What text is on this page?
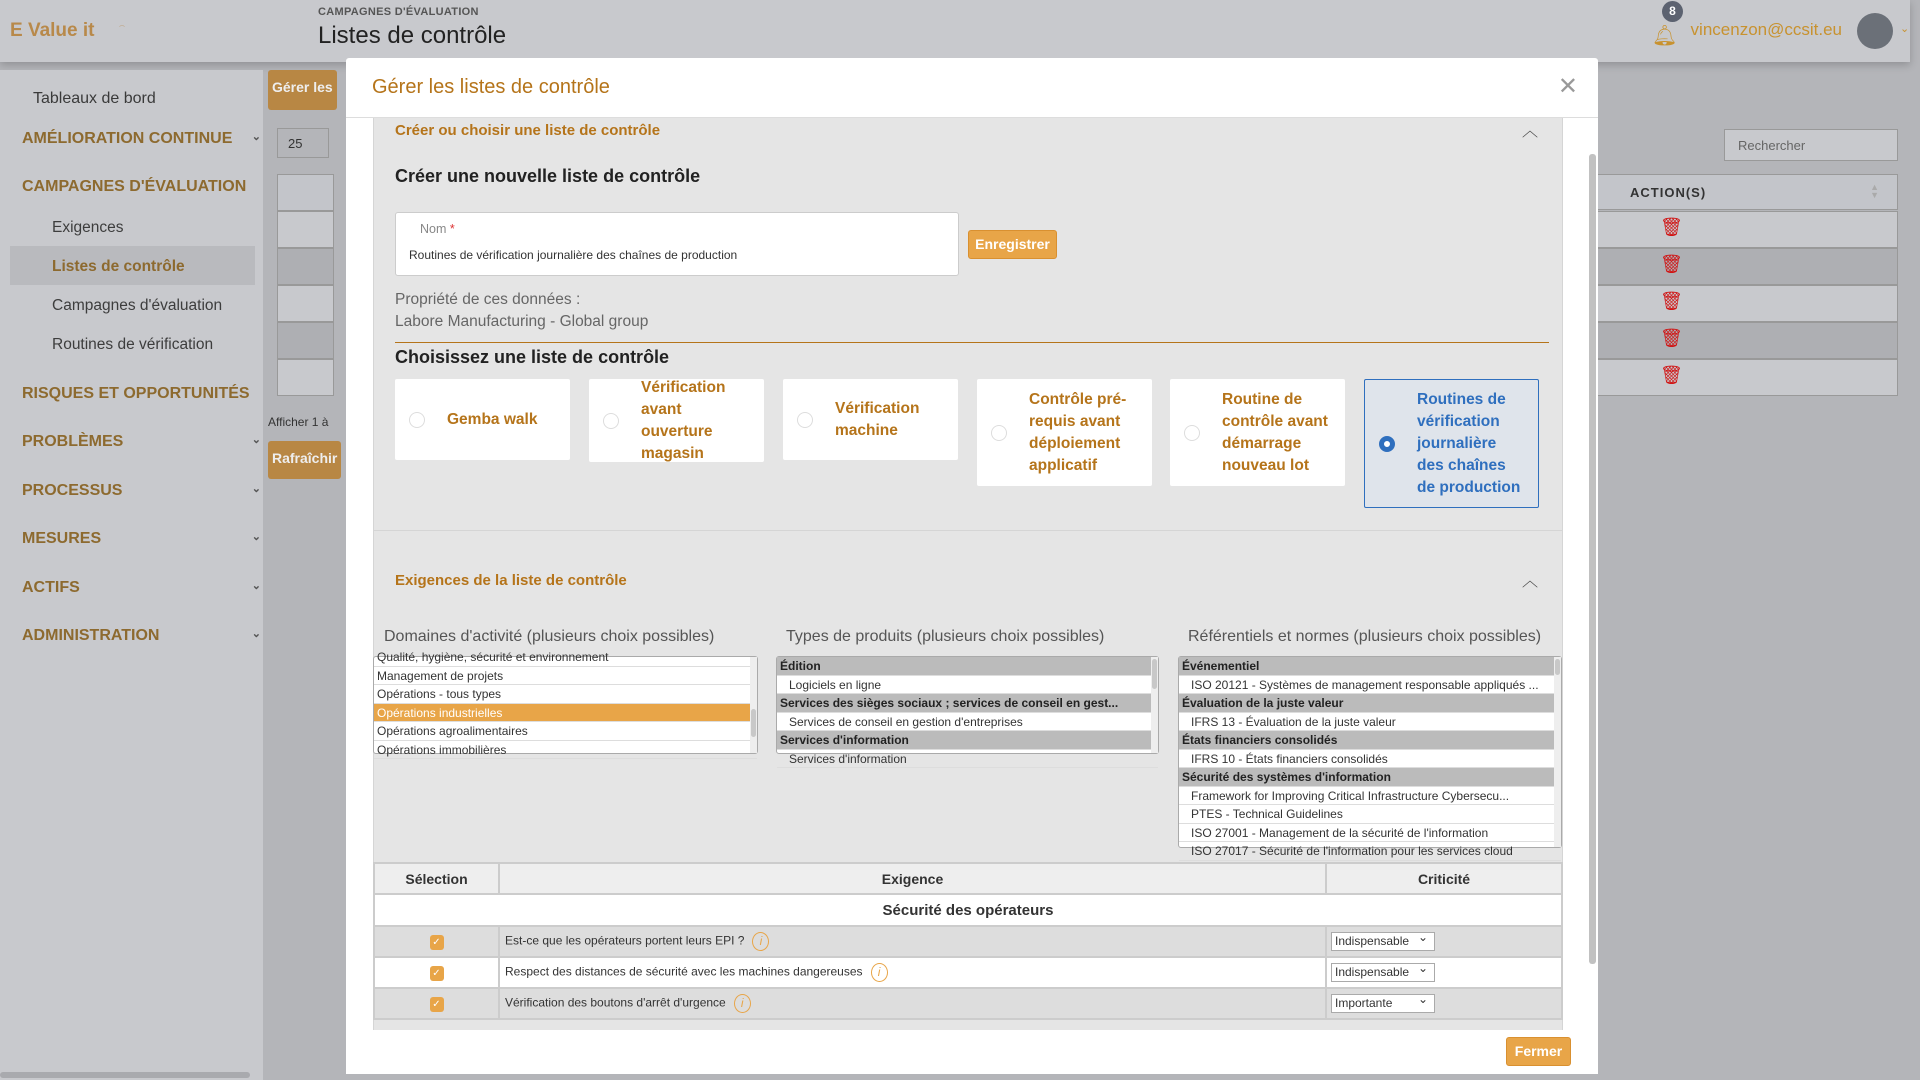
E Value it	⌒
CAMPAGNES D'ÉVALUATION
Listes de contrôle	🔔︎
8
vincenzon@ccsit.eu	⌄
Tableaux de bord
AMÉLIORATION CONTINUE ⌄
CAMPAGNES D'ÉVALUATION
Exigences
Listes de contrôle
Campagnes d'évaluation
Routines de vérification
RISQUES ET OPPORTUNITÉS
PROBLÈMES	⌄
PROCESSUS	⌄
MESURES	⌄
ACTIFS	⌄
ADMINISTRATION	⌄
Gérer les
25
Afficher 1 à
Rafraîchir
Rechercher
ACTION(S)	▲
▼
🗑︎
🗑︎
🗑︎
🗑︎
🗑︎
Gérer les listes de contrôle	✕
Créer ou choisir une liste de contrôle	︿
Créer une nouvelle liste de contrôle
Nom *
Routines de vérification journalière des chaînes de production
Enregistrer
Propriété de ces données :
Labore Manufacturing - Global group
Choisissez une liste de contrôle
Gemba walk
Vérification avant ouverture magasin
Vérification machine
Contrôle pré-requis avant déploiement applicatif
Routine de contrôle avant démarrage nouveau lot
Routines de vérification journalière des chaînes de production
Exigences de la liste de contrôle	︿
Domaines d'activité (plusieurs choix possibles)	Types de produits (plusieurs choix possibles)	Référentiels et normes (plusieurs choix possibles)
Qualité, hygiène, sécurité et environnement
Management de projets
Opérations - tous types
Opérations industrielles
Opérations agroalimentaires
Opérations immobilières
Édition
Logiciels en ligne
Services des sièges sociaux ; services de conseil en gest...
Services de conseil en gestion d'entreprises
Services d'information
Services d'information
Événementiel
ISO 20121 - Systèmes de management responsable appliqués ...
Évaluation de la juste valeur
IFRS 13 - Évaluation de la juste valeur
États financiers consolidés
IFRS 10 - États financiers consolidés
Sécurité des systèmes d'information
Framework for Improving Critical Infrastructure Cybersecu...
PTES - Technical Guidelines
ISO 27001 - Management de la sécurité de l'information
ISO 27017 - Sécurité de l'information pour les services cloud
Sélection	Exigence	Criticité
Sécurité des opérateurs		
✓	Est-ce que les opérateurs portent leurs EPI ? i	Indispensable ⌄
✓	Respect des distances de sécurité avec les machines dangereuses i	Indispensable ⌄
✓	Vérification des boutons d'arrêt d'urgence i	Importante ⌄
Fermer
